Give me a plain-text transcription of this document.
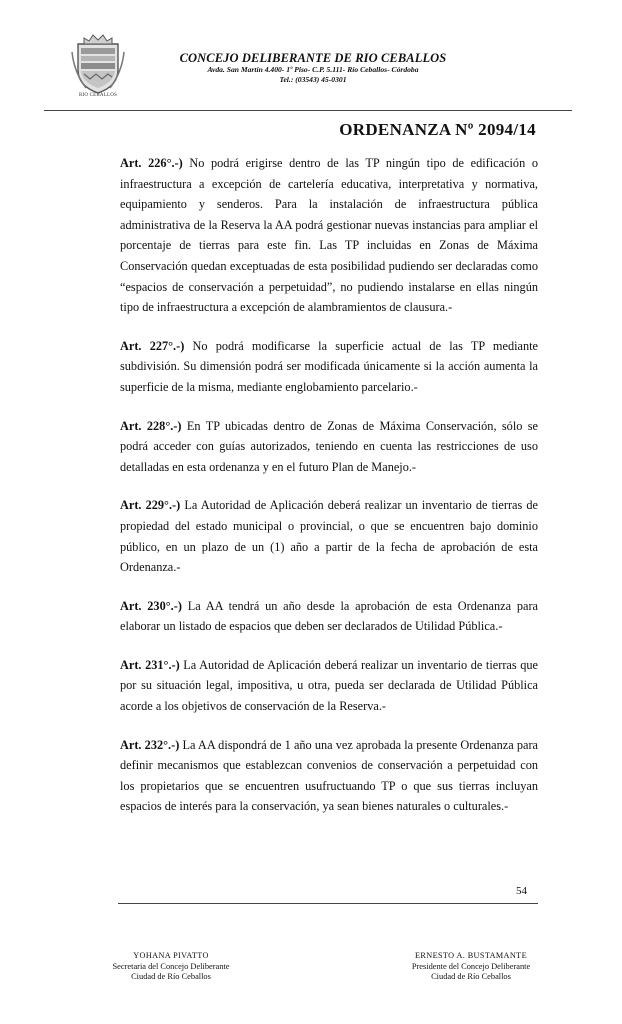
RIO CEBALLOS
CONCEJO DELIBERANTE DE RIO CEBALLOS
Avda. San Martín 4.400- 1º Piso- C.P. 5.111- Río Ceballos- Córdoba
Tel.: (03543) 45-0301
ORDENANZA Nº 2094/14

Art. 226°.-) No podrá erigirse dentro de las TP ningún tipo de edificación o infraestructura a excepción de cartelería educativa, interpretativa y normativa, equipamiento y senderos. Para la instalación de infraestructura pública administrativa de la Reserva la AA podrá gestionar nuevas instancias para ampliar el porcentaje de tierras para este fin. Las TP incluidas en Zonas de Máxima Conservación quedan exceptuadas de esta posibilidad pudiendo ser declaradas como “espacios de conservación a perpetuidad”, no pudiendo instalarse en ellas ningún tipo de infraestructura a excepción de alambramientos de clausura.-

Art. 227°.-) No podrá modificarse la superficie actual de las TP mediante subdivisión. Su dimensión podrá ser modificada únicamente si la acción aumenta la superficie de la misma, mediante englobamiento parcelario.-

Art. 228°.-) En TP ubicadas dentro de Zonas de Máxima Conservación, sólo se podrá acceder con guías autorizados, teniendo en cuenta las restricciones de uso detalladas en esta ordenanza y en el futuro Plan de Manejo.-

Art. 229°.-) La Autoridad de Aplicación deberá realizar un inventario de tierras de propiedad del estado municipal o provincial, o que se encuentren bajo dominio público, en un plazo de un (1) año a partir de la fecha de aprobación de esta Ordenanza.-

Art. 230°.-) La AA tendrá un año desde la aprobación de esta Ordenanza para elaborar un listado de espacios que deben ser declarados de Utilidad Pública.-

Art. 231°.-) La Autoridad de Aplicación deberá realizar un inventario de tierras que por su situación legal, impositiva, u otra, pueda ser declarada de Utilidad Pública acorde a los objetivos de conservación de la Reserva.-

Art. 232°.-) La AA dispondrá de 1 año una vez aprobada la presente Ordenanza para definir mecanismos que establezcan convenios de conservación a perpetuidad con los propietarios que se encuentren usufructuando TP o que sus tierras incluyan espacios de interés para la conservación, ya sean bienes naturales o culturales.-

54
YOHANA PIVATTO
Secretaria del Concejo Deliberante
Ciudad de Río Ceballos
ERNESTO A. BUSTAMANTE
Presidente del Concejo Deliberante
Ciudad de Río Ceballos
